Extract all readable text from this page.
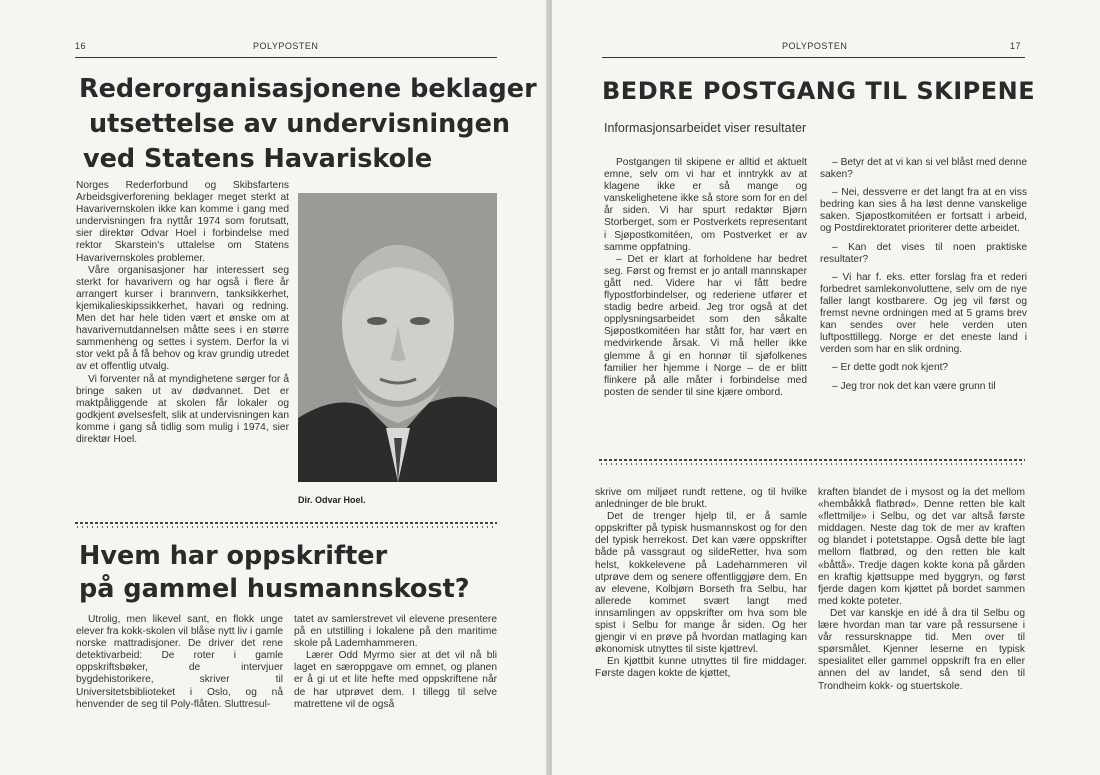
16	POLYPOSTEN
Rederorganisasjonene beklager
utsettelse av undervisningen
ved Statens Havariskole

Norges Rederforbund og Skibsfartens Arbeidsgiverforening beklager meget sterkt at Havarivernskolen ikke kan komme i gang med undervisningen fra nyttår 1974 som forutsatt, sier direktør Odvar Hoel i forbindelse med rektor Skarstein's uttalelse om Statens Havarivernskoles problemer.

Våre organisasjoner har interessert seg sterkt for havarivern og har også i flere år arrangert kurser i brannvern, tanksikkerhet, kjemikalieskipssikkerhet, havari og redning. Men det har hele tiden vært et ønske om at havarivernutdannelsen måtte sees i en større sammenheng og settes i system. Derfor la vi stor vekt på å få behov og krav grundig utredet av et offentlig utvalg.

Vi forventer nå at myndighetene sørger for å bringe saken ut av dødvannet. Det er maktpåliggende at skolen får lokaler og godkjent øvelsesfelt, slik at undervisningen kan komme i gang så tidlig som mulig i 1974, sier direktør Hoel.

Dir. Odvar Hoel.
Hvem har oppskrifter
på gammel husmannskost?

Utrolig, men likevel sant, en flokk unge elever fra kokk-skolen vil blåse nytt liv i gamle norske mattradisjoner. De driver det rene detektivarbeid: De roter i gamle oppskriftsbøker, de intervjuer bygdehistorikere, skriver til Universitetsbiblioteket i Oslo, og nå henvender de seg til Poly-flåten. Sluttresul-

tatet av samlerstrevet vil elevene presentere på en utstilling i lokalene på den maritime skole på Lademhammeren.

Lærer Odd Myrmo sier at det vil nå bli laget en særoppgave om emnet, og planen er å gi ut et lite hefte med oppskriftene når de har utprøvet dem. I tillegg til selve matrettene vil de også

POLYPOSTEN	17
BEDRE POSTGANG TIL SKIPENE
Informasjonsarbeidet viser resultater

Postgangen til skipene er alltid et aktuelt emne, selv om vi har et inntrykk av at klagene ikke er så mange og vanskelighetene ikke så store som for en del år siden. Vi har spurt redaktør Bjørn Storberget, som er Postverkets representant i Sjøpostkomitéen, om Postverket er av samme oppfatning.

– Det er klart at forholdene har bedret seg. Først og fremst er jo antall mannskaper gått ned. Videre har vi fått bedre flypostforbindelser, og rederiene utfører et stadig bedre arbeid. Jeg tror også at det opplysningsarbeidet som den såkalte Sjøpostkomitéen har stått for, har vært en medvirkende årsak. Vi må heller ikke glemme å gi en honnør til sjøfolkenes familier her hjemme i Norge – de er blitt flinkere på alle måter i forbindelse med posten de sender til sine kjære ombord.

– Betyr det at vi kan si vel blåst med denne saken?

– Nei, dessverre er det langt fra at en viss bedring kan sies å ha løst denne vanskelige saken. Sjøpostkomitéen er fortsatt i arbeid, og Postdirektoratet prioriterer dette arbeidet.

– Kan det vises til noen praktiske resultater?

– Vi har f. eks. etter forslag fra et rederi forbedret samlekonvoluttene, selv om de nye faller langt kostbarere. Og jeg vil først og fremst nevne ordningen med at 5 grams brev kan sendes over hele verden uten luftposttillegg. Norge er det eneste land i verden som har en slik ordning.

– Er dette godt nok kjent?

– Jeg tror nok det kan være grunn til

skrive om miljøet rundt rettene, og til hvilke anledninger de ble brukt.

Det de trenger hjelp til, er å samle oppskrifter på typisk husmannskost og for den del typisk herrekost. Det kan være oppskrifter både på vassgraut og sildeRetter, hva som helst, kokkelevene på Ladehammeren vil utprøve dem og senere offentliggjøre dem. En av elevene, Kolbjørn Borseth fra Selbu, har allerede kommet svært langt med innsamlingen av oppskrifter om hva som ble spist i Selbu for mange år siden. Og her gjengir vi en prøve på hvordan matlaging kan økonomisk utnyttes til siste kjøttrevl.

En kjøttbit kunne utnyttes til fire middager. Første dagen kokte de kjøttet,

kraften blandet de i mysost og la det mellom «hembåkkå flatbrød». Denne retten ble kalt «flettmilje» i Selbu, og det var altså første middagen. Neste dag tok de mer av kraften og blandet i potetstappe. Også dette ble lagt mellom flatbrød, og den retten ble kalt «båttå». Tredje dagen kokte kona på gården en kraftig kjøttsuppe med byggryn, og først fjerde dagen kom kjøttet på bordet sammen med kokte poteter.

Det var kanskje en idé å dra til Selbu og lære hvordan man tar vare på ressursene i vår ressursknappe tid. Men over til spørsmålet. Kjenner leserne en typisk spesialitet eller gammel oppskrift fra en eller annen del av landet, så send den til Trondheim kokk- og stuertskole.
